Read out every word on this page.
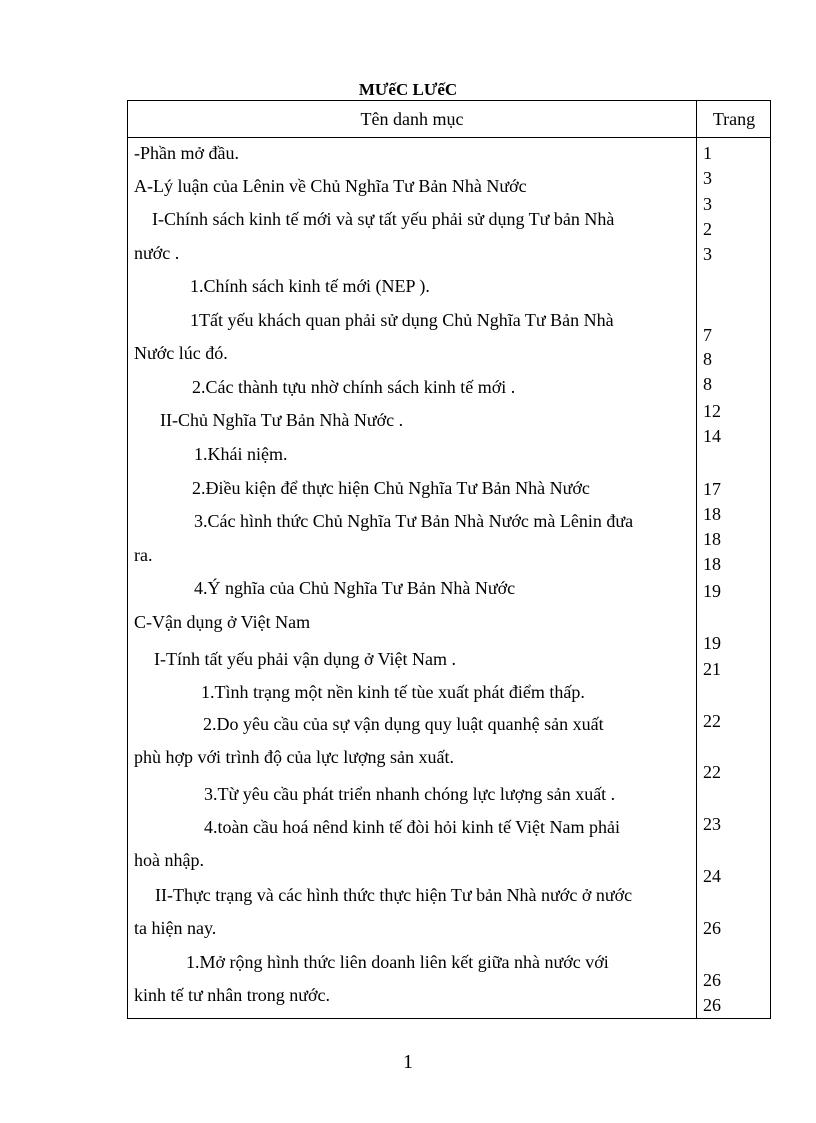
MƯếC LƯếC
Tên danh mục	Trang
-Phần mở đầu.
A-Lý luận của Lênin về Chủ Nghĩa Tư Bản Nhà Nước
I-Chính sách kinh tế mới và sự tất yếu phải sử dụng Tư bản Nhà
nước .
1.Chính sách kinh tế mới (NEP ).
1Tất yếu khách quan phải sử dụng Chủ Nghĩa Tư Bản Nhà
Nước lúc đó.
2.Các thành tựu nhờ chính sách kinh tế mới .
II-Chủ Nghĩa Tư Bản Nhà Nước .
1.Khái niệm.
2.Điều kiện để thực hiện Chủ Nghĩa Tư Bản Nhà Nước
3.Các hình thức Chủ Nghĩa Tư Bản Nhà Nước mà Lênin đưa
ra.
4.Ý nghĩa của Chủ Nghĩa Tư Bản Nhà Nước
C-Vận dụng ở Việt Nam
I-Tính tất yếu phải vận dụng ở Việt Nam .
1.Tình trạng một nền kinh tế tùe xuất phát điểm thấp.
2.Do yêu cầu của sự vận dụng quy luật quanhệ sản xuất
phù hợp với trình độ của lực lượng sản xuất.
3.Từ yêu cầu phát triển nhanh chóng lực lượng sản xuất .
4.toàn cầu hoá nênd kinh tế đòi hỏi kinh tế Việt Nam phải
hoà nhập.
II-Thực trạng và các hình thức thực hiện Tư bản Nhà nước ở nước
ta hiện nay.
1.Mở rộng hình thức liên doanh liên kết giữa nhà nước với
kinh tế tư nhân trong nước.
1
3
3
2
3
7
8
8
12
14
17
18
18
18
19
19
21
22
22
23
24
26
26
26
1
